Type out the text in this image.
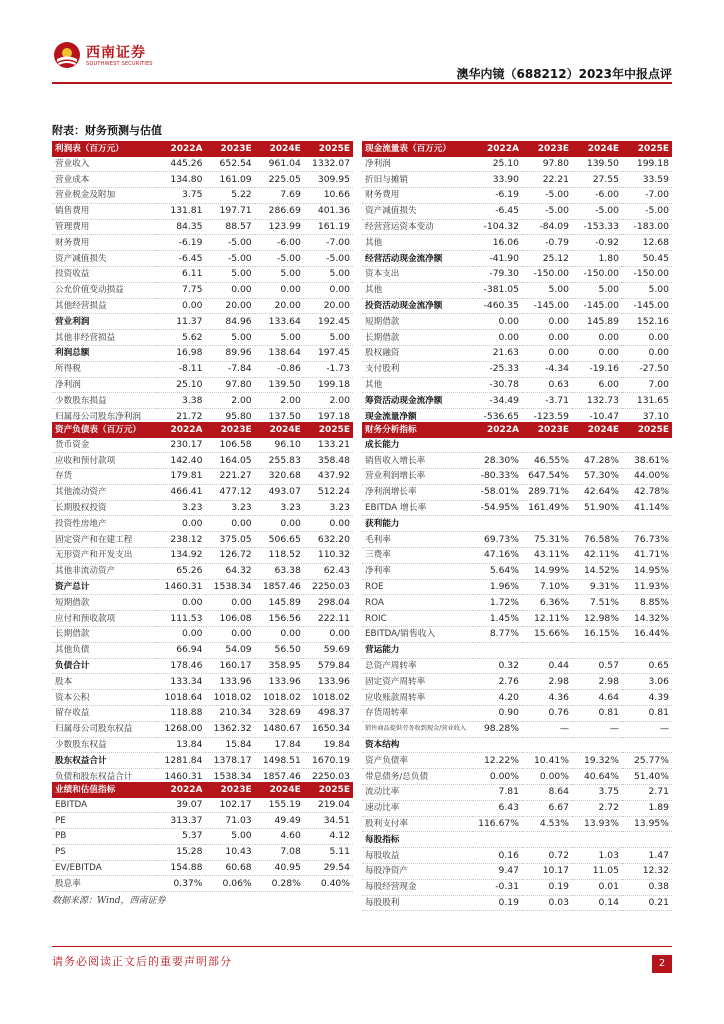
西南证券
SOUTHWEST SECURITIES
澳华内镜（688212）2023年中报点评
附表：财务预测与估值
利润表（百万元）	2022A	2023E	2024E	2025E
营业收入	445.26	652.54	961.04	1332.07
营业成本	134.80	161.09	225.05	309.95
营业税金及附加	3.75	5.22	7.69	10.66
销售费用	131.81	197.71	286.69	401.36
管理费用	84.35	88.57	123.99	161.19
财务费用	-6.19	-5.00	-6.00	-7.00
资产减值损失	-6.45	-5.00	-5.00	-5.00
投资收益	6.11	5.00	5.00	5.00
公允价值变动损益	7.75	0.00	0.00	0.00
其他经营损益	0.00	20.00	20.00	20.00
营业利润	11.37	84.96	133.64	192.45
其他非经营损益	5.62	5.00	5.00	5.00
利润总额	16.98	89.96	138.64	197.45
所得税	-8.11	-7.84	-0.86	-1.73
净利润	25.10	97.80	139.50	199.18
少数股东损益	3.38	2.00	2.00	2.00
归属母公司股东净利润	21.72	95.80	137.50	197.18
现金流量表（百万元）	2022A	2023E	2024E	2025E
净利润	25.10	97.80	139.50	199.18
折旧与摊销	33.90	22.21	27.55	33.59
财务费用	-6.19	-5.00	-6.00	-7.00
资产减值损失	-6.45	-5.00	-5.00	-5.00
经营营运资本变动	-104.32	-84.09	-153.33	-183.00
其他	16.06	-0.79	-0.92	12.68
经营活动现金流净额	-41.90	25.12	1.80	50.45
资本支出	-79.30	-150.00	-150.00	-150.00
其他	-381.05	5.00	5.00	5.00
投资活动现金流净额	-460.35	-145.00	-145.00	-145.00
短期借款	0.00	0.00	145.89	152.16
长期借款	0.00	0.00	0.00	0.00
股权融资	21.63	0.00	0.00	0.00
支付股利	-25.33	-4.34	-19.16	-27.50
其他	-30.78	0.63	6.00	7.00
筹资活动现金流净额	-34.49	-3.71	132.73	131.65
现金流量净额	-536.65	-123.59	-10.47	37.10
资产负债表（百万元）	2022A	2023E	2024E	2025E
货币资金	230.17	106.58	96.10	133.21
应收和预付款项	142.40	164.05	255.83	358.48
存货	179.81	221.27	320.68	437.92
其他流动资产	466.41	477.12	493.07	512.24
长期股权投资	3.23	3.23	3.23	3.23
投资性房地产	0.00	0.00	0.00	0.00
固定资产和在建工程	238.12	375.05	506.65	632.20
无形资产和开发支出	134.92	126.72	118.52	110.32
其他非流动资产	65.26	64.32	63.38	62.43
资产总计	1460.31	1538.34	1857.46	2250.03
短期借款	0.00	0.00	145.89	298.04
应付和预收款项	111.53	106.08	156.56	222.11
长期借款	0.00	0.00	0.00	0.00
其他负债	66.94	54.09	56.50	59.69
负债合计	178.46	160.17	358.95	579.84
股本	133.34	133.96	133.96	133.96
资本公积	1018.64	1018.02	1018.02	1018.02
留存收益	118.88	210.34	328.69	498.37
归属母公司股东权益	1268.00	1362.32	1480.67	1650.34
少数股东权益	13.84	15.84	17.84	19.84
股东权益合计	1281.84	1378.17	1498.51	1670.19
负债和股东权益合计	1460.31	1538.34	1857.46	2250.03
财务分析指标	2022A	2023E	2024E	2025E
成长能力				
销售收入增长率	28.30%	46.55%	47.28%	38.61%
营业利润增长率	-80.33%	647.54%	57.30%	44.00%
净利润增长率	-58.01%	289.71%	42.64%	42.78%
EBITDA 增长率	-54.95%	161.49%	51.90%	41.14%
获利能力				
毛利率	69.73%	75.31%	76.58%	76.73%
三费率	47.16%	43.11%	42.11%	41.71%
净利率	5.64%	14.99%	14.52%	14.95%
ROE	1.96%	7.10%	9.31%	11.93%
ROA	1.72%	6.36%	7.51%	8.85%
ROIC	1.45%	12.11%	12.98%	14.32%
EBITDA/销售收入	8.77%	15.66%	16.15%	16.44%
营运能力				
总资产周转率	0.32	0.44	0.57	0.65
固定资产周转率	2.76	2.98	2.98	3.06
应收账款周转率	4.20	4.36	4.64	4.39
存货周转率	0.90	0.76	0.81	0.81
销售商品提供劳务收到现金/营业收入	98.28%	—	—	—
资本结构				
资产负债率	12.22%	10.41%	19.32%	25.77%
带息债务/总负债	0.00%	0.00%	40.64%	51.40%
流动比率	7.81	8.64	3.75	2.71
速动比率	6.43	6.67	2.72	1.89
股利支付率	116.67%	4.53%	13.93%	13.95%
每股指标				
每股收益	0.16	0.72	1.03	1.47
每股净资产	9.47	10.17	11.05	12.32
每股经营现金	-0.31	0.19	0.01	0.38
每股股利	0.19	0.03	0.14	0.21
业绩和估值指标	2022A	2023E	2024E	2025E
EBITDA	39.07	102.17	155.19	219.04
PE	313.37	71.03	49.49	34.51
PB	5.37	5.00	4.60	4.12
PS	15.28	10.43	7.08	5.11
EV/EBITDA	154.88	60.68	40.95	29.54
股息率	0.37%	0.06%	0.28%	0.40%
数据来源：Wind，西南证券
请务必阅读正文后的重要声明部分	2
